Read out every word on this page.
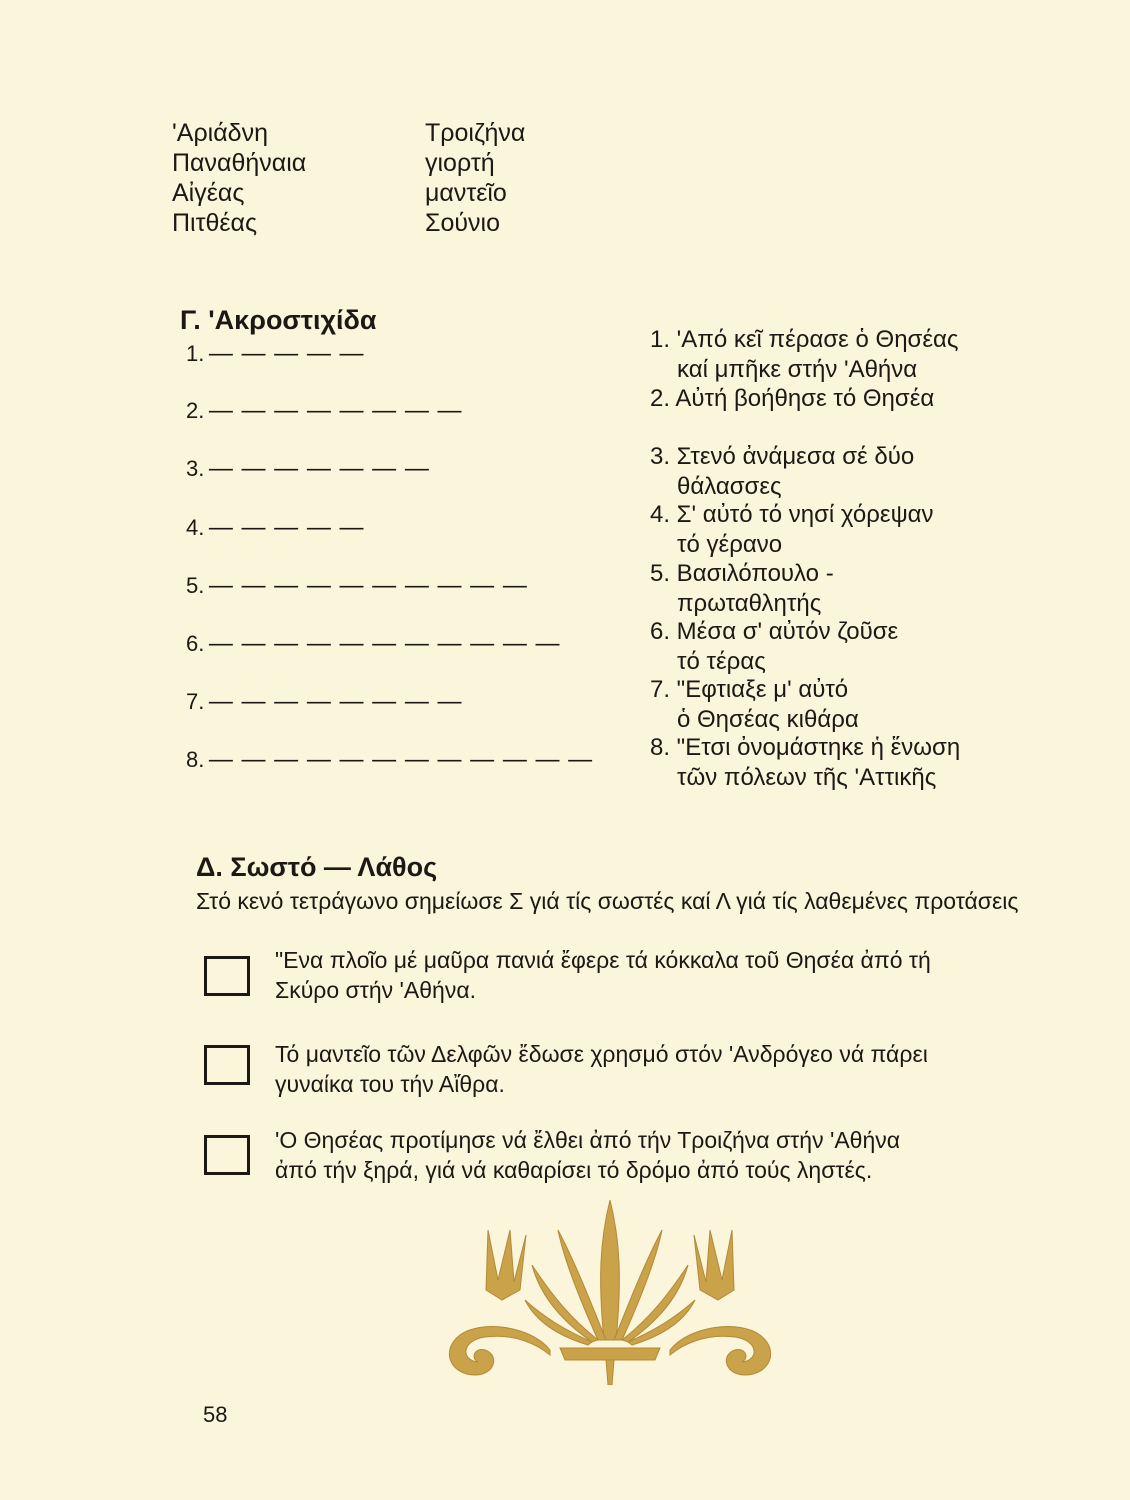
'Αριάδνη
Παναθήναια
Αἰγέας
Πιτθέας
Τροιζήνα
γιορτή
μαντεῖο
Σούνιο
Γ. 'Ακροστιχίδα
1. — — — — —
2. — — — — — — — —
3. — — — — — — —
4. — — — — —
5. — — — — — — — — — —
6. — — — — — — — — — — —
7. — — — — — — — —
8. — — — — — — — — — — — —
1. 'Από κεῖ πέρασε ὁ Θησέας
καί μπῆκε στήν 'Αθήνα
2. Αὐτή βοήθησε τό Θησέα
3. Στενό ἀνάμεσα σέ δύο
θάλασσες
4. Σ' αὐτό τό νησί χόρεψαν
τό γέρανο
5. Βασιλόπουλο -
πρωταθλητής
6. Μέσα σ' αὐτόν ζοῦσε
τό τέρας
7. "Εφτιαξε μ' αὐτό
ὁ Θησέας κιθάρα
8. "Ετσι ὀνομάστηκε ἡ ἕνωση
τῶν πόλεων τῆς 'Αττικῆς
Δ. Σωστό — Λάθος
Στό κενό τετράγωνο σημείωσε Σ γιά τίς σωστές καί Λ γιά τίς λαθεμένες προτάσεις
"Ενα πλοῖο μέ μαῦρα πανιά ἔφερε τά κόκκαλα τοῦ Θησέα ἀπό τή
Σκύρο στήν 'Αθήνα.
Τό μαντεῖο τῶν Δελφῶν ἔδωσε χρησμό στόν 'Ανδρόγεο νά πάρει
γυναίκα του τήν Αἴθρα.
'Ο Θησέας προτίμησε νά ἔλθει ἀπό τήν Τροιζήνα στήν 'Αθήνα
ἀπό τήν ξηρά, γιά νά καθαρίσει τό δρόμο ἀπό τούς ληστές.
58
